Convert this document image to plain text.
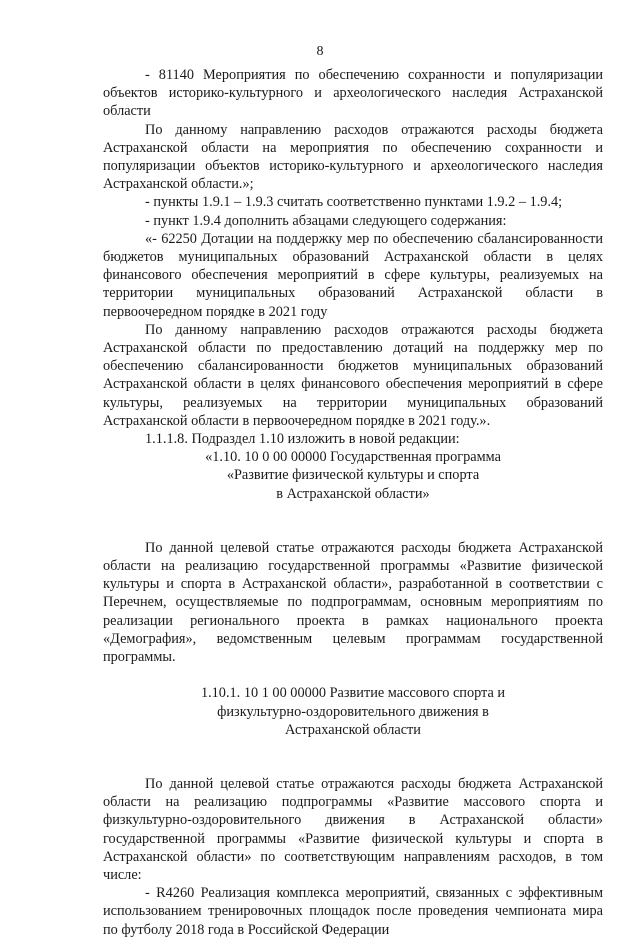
8

- 81140 Мероприятия по обеспечению сохранности и популяризации объектов историко-культурного и археологического наследия Астраханской области

По данному направлению расходов отражаются расходы бюджета Астраханской области на мероприятия по обеспечению сохранности и популяризации объектов историко-культурного и археологического наследия Астраханской области.»;

- пункты 1.9.1 – 1.9.3 считать соответственно пунктами 1.9.2 – 1.9.4;

- пункт 1.9.4 дополнить абзацами следующего содержания:

«- 62250 Дотации на поддержку мер по обеспечению сбалансированности бюджетов муниципальных образований Астраханской области в целях финансового обеспечения мероприятий в сфере культуры, реализуемых на территории муниципальных образований Астраханской области в первоочередном порядке в 2021 году

По данному направлению расходов отражаются расходы бюджета Астраханской области по предоставлению дотаций на поддержку мер по обеспечению сбалансированности бюджетов муниципальных образований Астраханской области в целях финансового обеспечения мероприятий в сфере культуры, реализуемых на территории муниципальных образований Астраханской области в первоочередном порядке в 2021 году.».

1.1.1.8. Подраздел 1.10 изложить в новой редакции:

«1.10. 10 0 00 00000 Государственная программа
«Развитие физической культуры и спорта
в Астраханской области»

По данной целевой статье отражаются расходы бюджета Астраханской области на реализацию государственной программы «Развитие физической культуры и спорта в Астраханской области», разработанной в соответствии с Перечнем, осуществляемые по подпрограммам, основным мероприятиям по реализации регионального проекта в рамках национального проекта «Демография», ведомственным целевым программам государственной программы.

1.10.1. 10 1 00 00000 Развитие массового спорта и
физкультурно-оздоровительного движения в
Астраханской области

По данной целевой статье отражаются расходы бюджета Астраханской области на реализацию подпрограммы «Развитие массового спорта и физкультурно-оздоровительного движения в Астраханской области» государственной программы «Развитие физической культуры и спорта в Астраханской области» по соответствующим направлениям расходов, в том числе:

- R4260 Реализация комплекса мероприятий, связанных с эффективным использованием тренировочных площадок после проведения чемпионата мира по футболу 2018 года в Российской Федерации
